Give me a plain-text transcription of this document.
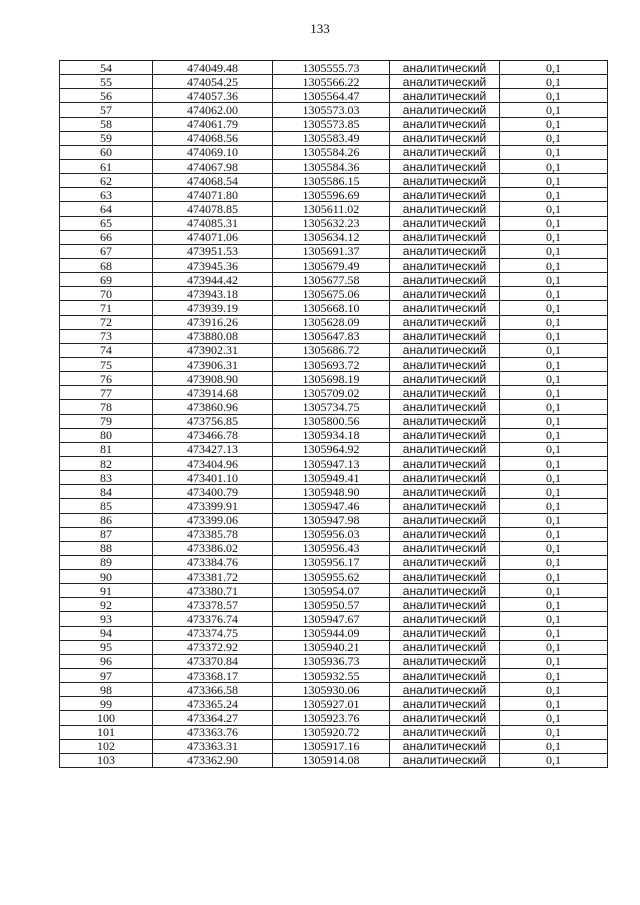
133
54	474049.48	1305555.73	аналитический	0,1
55	474054.25	1305566.22	аналитический	0,1
56	474057.36	1305564.47	аналитический	0,1
57	474062.00	1305573.03	аналитический	0,1
58	474061.79	1305573.85	аналитический	0,1
59	474068.56	1305583.49	аналитический	0,1
60	474069.10	1305584.26	аналитический	0,1
61	474067.98	1305584.36	аналитический	0,1
62	474068.54	1305586.15	аналитический	0,1
63	474071.80	1305596.69	аналитический	0,1
64	474078.85	1305611.02	аналитический	0,1
65	474085.31	1305632.23	аналитический	0,1
66	474071.06	1305634.12	аналитический	0,1
67	473951.53	1305691.37	аналитический	0,1
68	473945.36	1305679.49	аналитический	0,1
69	473944.42	1305677.58	аналитический	0,1
70	473943.18	1305675.06	аналитический	0,1
71	473939.19	1305668.10	аналитический	0,1
72	473916.26	1305628.09	аналитический	0,1
73	473880.08	1305647.83	аналитический	0,1
74	473902.31	1305686.72	аналитический	0,1
75	473906.31	1305693.72	аналитический	0,1
76	473908.90	1305698.19	аналитический	0,1
77	473914.68	1305709.02	аналитический	0,1
78	473860.96	1305734.75	аналитический	0,1
79	473756.85	1305800.56	аналитический	0,1
80	473466.78	1305934.18	аналитический	0,1
81	473427.13	1305964.92	аналитический	0,1
82	473404.96	1305947.13	аналитический	0,1
83	473401.10	1305949.41	аналитический	0,1
84	473400.79	1305948.90	аналитический	0,1
85	473399.91	1305947.46	аналитический	0,1
86	473399.06	1305947.98	аналитический	0,1
87	473385.78	1305956.03	аналитический	0,1
88	473386.02	1305956.43	аналитический	0,1
89	473384.76	1305956.17	аналитический	0,1
90	473381.72	1305955.62	аналитический	0,1
91	473380.71	1305954.07	аналитический	0,1
92	473378.57	1305950.57	аналитический	0,1
93	473376.74	1305947.67	аналитический	0,1
94	473374.75	1305944.09	аналитический	0,1
95	473372.92	1305940.21	аналитический	0,1
96	473370.84	1305936.73	аналитический	0,1
97	473368.17	1305932.55	аналитический	0,1
98	473366.58	1305930.06	аналитический	0,1
99	473365.24	1305927.01	аналитический	0,1
100	473364.27	1305923.76	аналитический	0,1
101	473363.76	1305920.72	аналитический	0,1
102	473363.31	1305917.16	аналитический	0,1
103	473362.90	1305914.08	аналитический	0,1
